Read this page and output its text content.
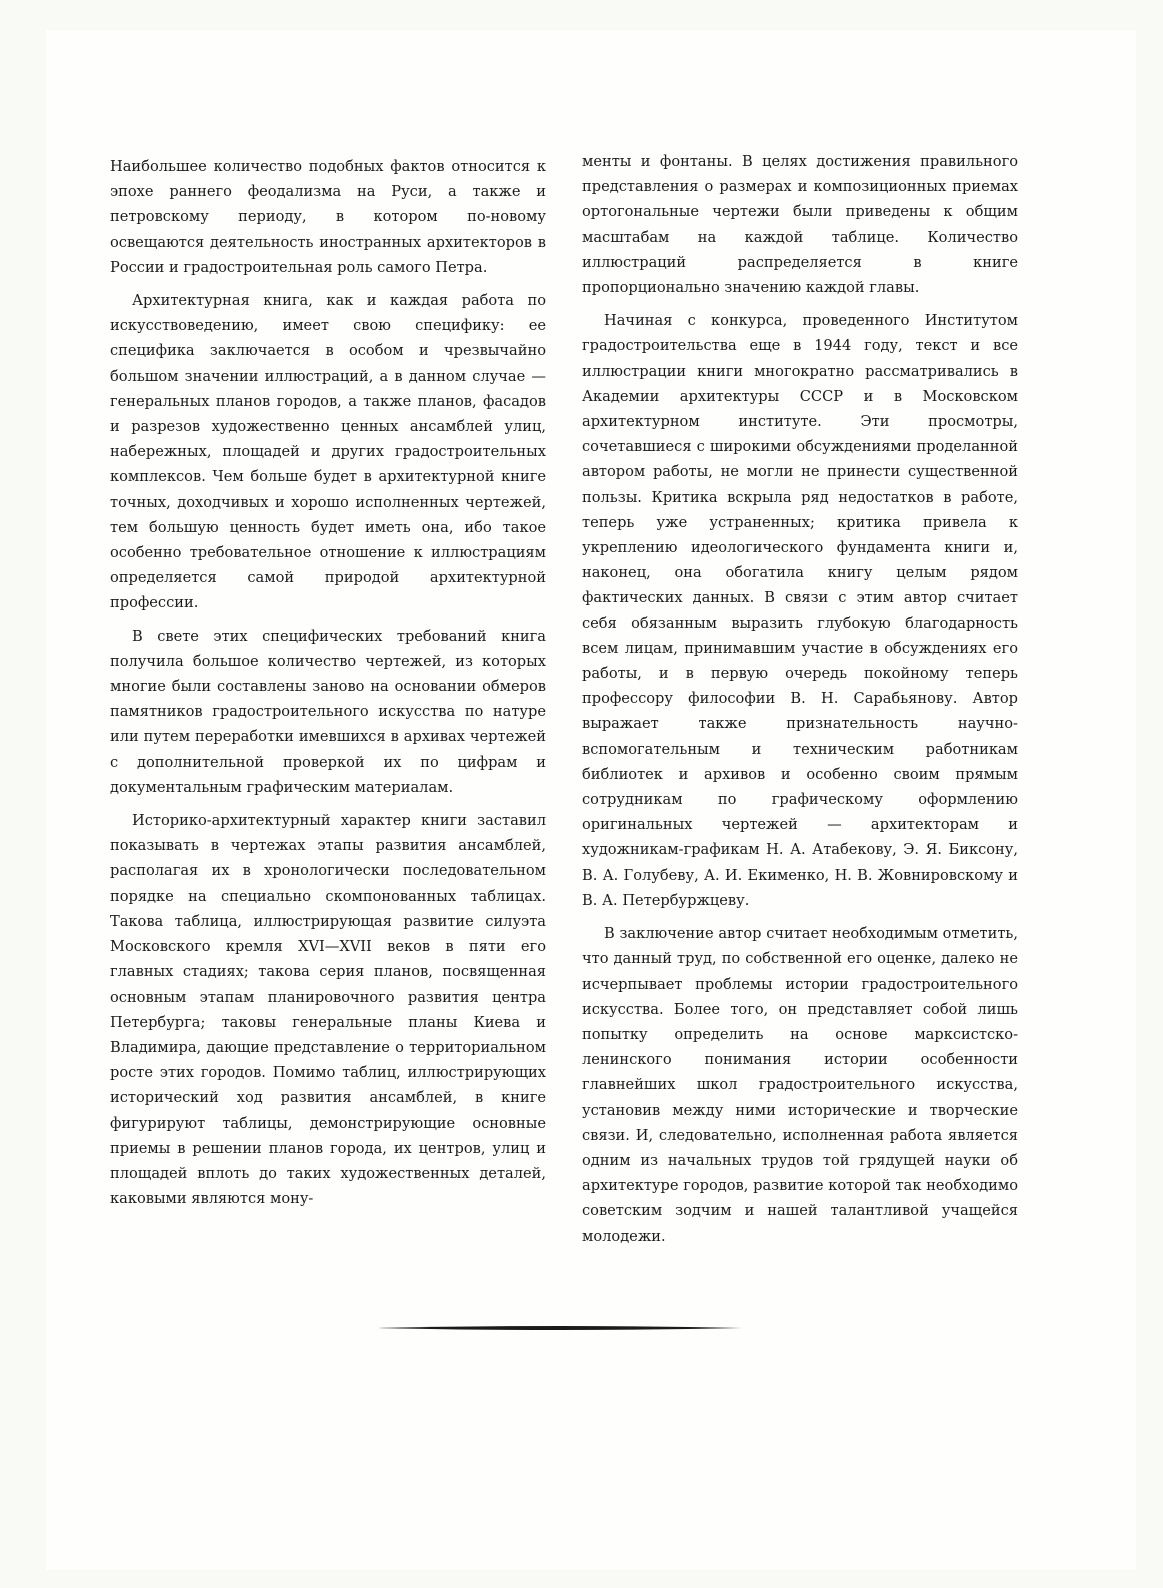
Наибольшее количество подобных фактов относится к эпохе раннего феодализма на Руси, а также и петровскому периоду, в котором по-новому освещаются деятельность иностранных архитекторов в России и градостроительная роль самого Петра.

Архитектурная книга, как и каждая работа по искусствоведению, имеет свою специфику: ее специфика заключается в особом и чрезвычайно большом значении иллюстраций, а в данном случае — генеральных планов городов, а также планов, фасадов и разрезов художественно ценных ансамблей улиц, набережных, площадей и других градостроительных комплексов. Чем больше будет в архитектурной книге точных, доходчивых и хорошо исполненных чертежей, тем большую ценность будет иметь она, ибо такое особенно требовательное отношение к иллюстрациям определяется самой природой архитектурной профессии.

В свете этих специфических требований книга получила большое количество чертежей, из которых многие были составлены заново на основании обмеров памятников градостроительного искусства по натуре или путем переработки имевшихся в архивах чертежей с дополнительной проверкой их по цифрам и документальным графическим материалам.

Историко-архитектурный характер книги заставил показывать в чертежах этапы развития ансамблей, располагая их в хронологически последовательном порядке на специально скомпонованных таблицах. Такова таблица, иллюстрирующая развитие силуэта Московского кремля XVI—XVII веков в пяти его главных стадиях; такова серия планов, посвященная основным этапам планировочного развития центра Петербурга; таковы генеральные планы Киева и Владимира, дающие представление о территориальном росте этих городов. Помимо таблиц, иллюстрирующих исторический ход развития ансамблей, в книге фигурируют таблицы, демонстрирующие основные приемы в решении планов города, их центров, улиц и площадей вплоть до таких художественных деталей, каковыми являются мону-

менты и фонтаны. В целях достижения правильного представления о размерах и композиционных приемах ортогональные чертежи были приведены к общим масштабам на каждой таблице. Количество иллюстраций распределяется в книге пропорционально значению каждой главы.

Начиная с конкурса, проведенного Институтом градостроительства еще в 1944 году, текст и все иллюстрации книги многократно рассматривались в Академии архитектуры СССР и в Московском архитектурном институте. Эти просмотры, сочетавшиеся с широкими обсуждениями проделанной автором работы, не могли не принести существенной пользы. Критика вскрыла ряд недостатков в работе, теперь уже устраненных; критика привела к укреплению идеологического фундамента книги и, наконец, она обогатила книгу целым рядом фактических данных. В связи с этим автор считает себя обязанным выразить глубокую благодарность всем лицам, принимавшим участие в обсуждениях его работы, и в первую очередь покойному теперь профессору философии В. Н. Сарабьянову. Автор выражает также признательность научно-вспомогательным и техническим работникам библиотек и архивов и особенно своим прямым сотрудникам по графическому оформлению оригинальных чертежей — архитекторам и художникам-графикам Н. А. Атабекову, Э. Я. Биксону, В. А. Голубеву, А. И. Екименко, Н. В. Жовнировскому и В. А. Петербуржцеву.

В заключение автор считает необходимым отметить, что данный труд, по собственной его оценке, далеко не исчерпывает проблемы истории градостроительного искусства. Более того, он представляет собой лишь попытку определить на основе марксистско-ленинского понимания истории особенности главнейших школ градостроительного искусства, установив между ними исторические и творческие связи. И, следовательно, исполненная работа является одним из начальных трудов той грядущей науки об архитектуре городов, развитие которой так необходимо советским зодчим и нашей талантливой учащейся молодежи.
